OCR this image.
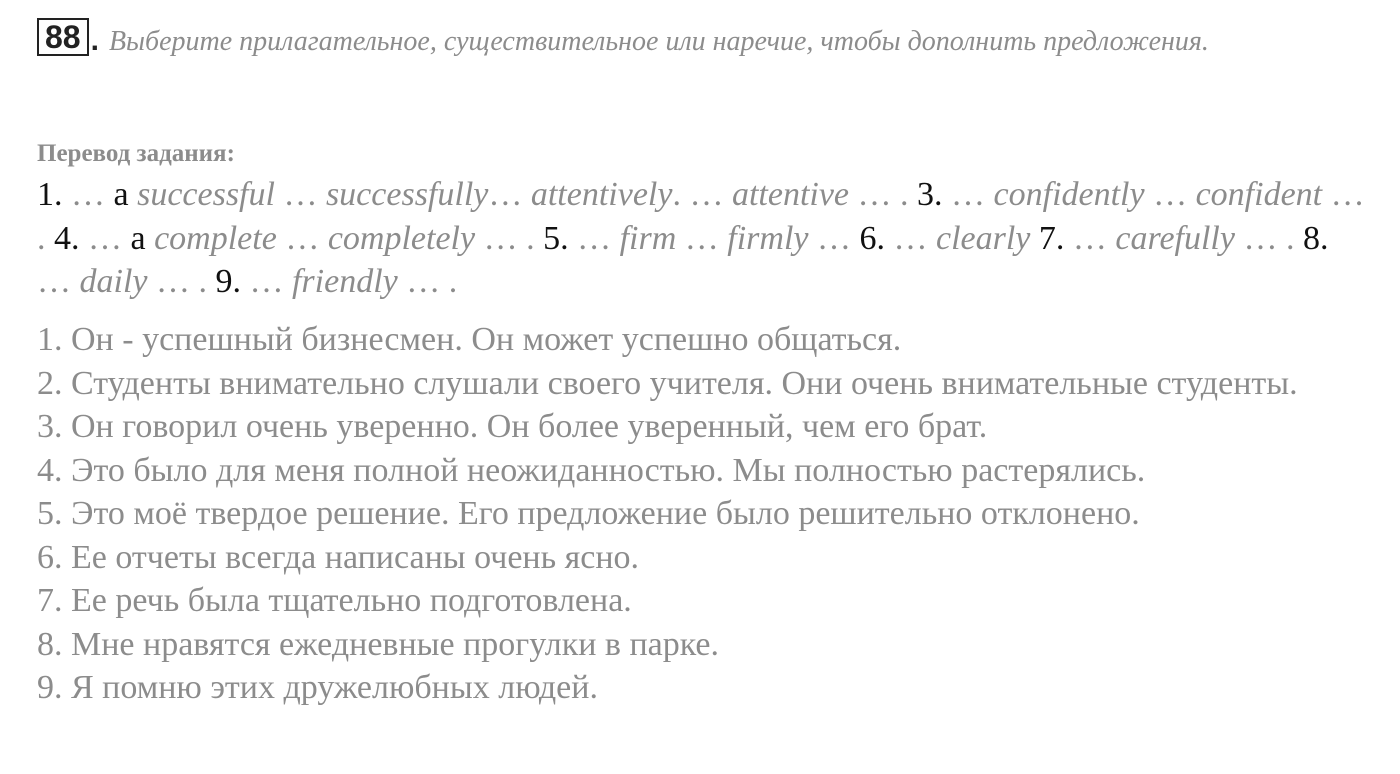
88 . Выберите прилагательное, существительное или наречие, чтобы дополнить предложения.
Перевод задания:
1. … a successful … successfully… attentively. … attentive … . 3. … confidently … confident … . 4. … a complete … completely … . 5. … firm … firmly … 6. … clearly 7. … carefully … . 8. … daily … . 9. … friendly … .
1. Он - успешный бизнесмен. Он может успешно общаться.
2. Студенты внимательно слушали своего учителя. Они очень внимательные студенты.
3. Он говорил очень уверенно. Он более уверенный, чем его брат.
4. Это было для меня полной неожиданностью. Мы полностью растерялись.
5. Это моё твердое решение. Его предложение было решительно отклонено.
6. Ее отчеты всегда написаны очень ясно.
7. Ее речь была тщательно подготовлена.
8. Мне нравятся ежедневные прогулки в парке.
9. Я помню этих дружелюбных людей.
